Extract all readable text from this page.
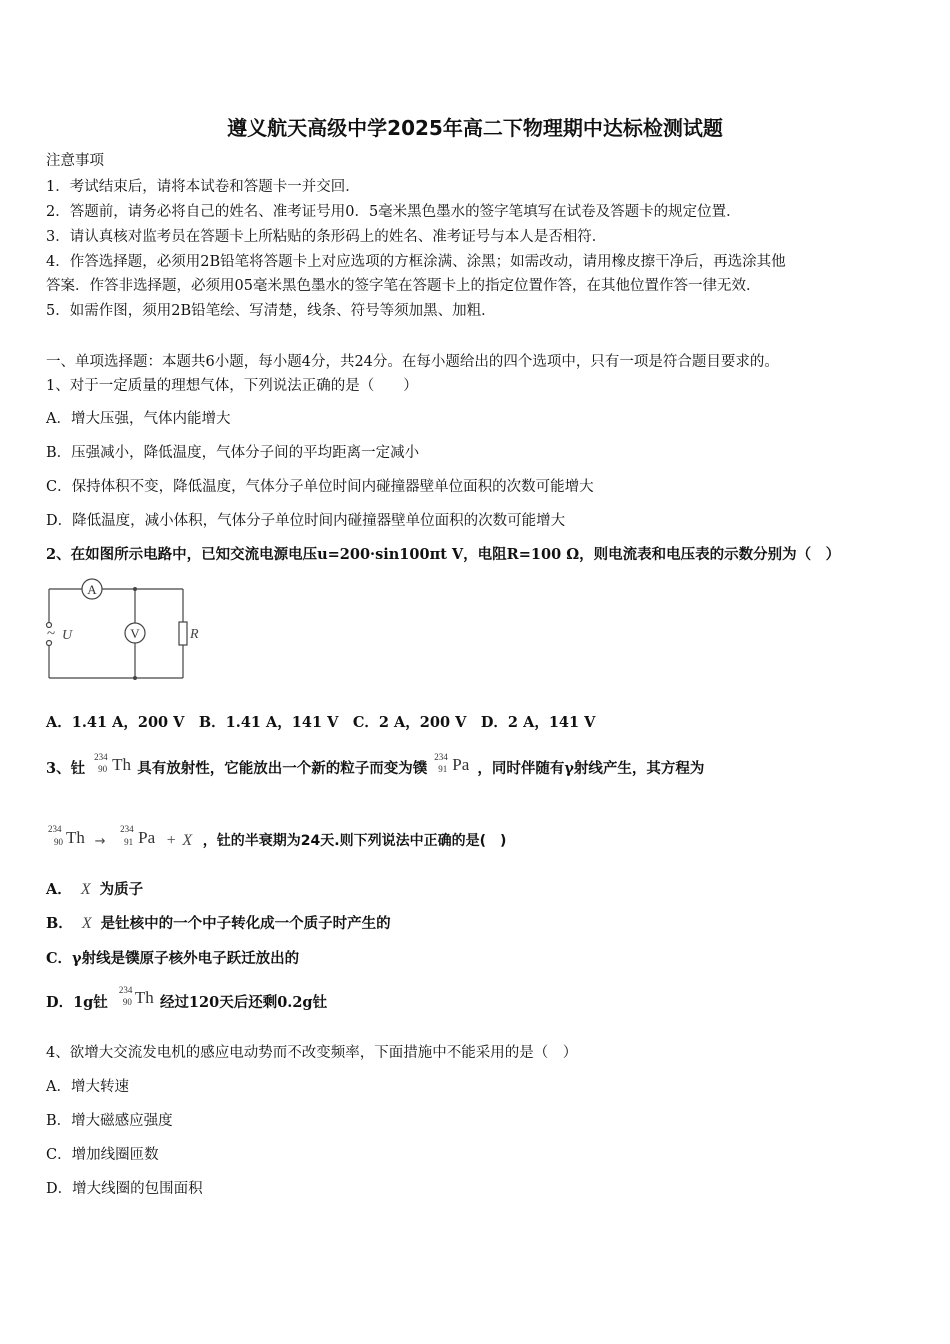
遵义航天高级中学2025年高二下物理期中达标检测试题
注意事项
1．考试结束后，请将本试卷和答题卡一并交回．
2．答题前，请务必将自己的姓名、准考证号用0．5毫米黑色墨水的签字笔填写在试卷及答题卡的规定位置．
3．请认真核对监考员在答题卡上所粘贴的条形码上的姓名、准考证号与本人是否相符．
4．作答选择题，必须用2B铅笔将答题卡上对应选项的方框涂满、涂黑；如需改动，请用橡皮擦干净后，再选涂其他
答案．作答非选择题，必须用05毫米黑色墨水的签字笔在答题卡上的指定位置作答，在其他位置作答一律无效．
5．如需作图，须用2B铅笔绘、写清楚，线条、符号等须加黑、加粗．
一、单项选择题：本题共6小题，每小题4分，共24分。在每小题给出的四个选项中，只有一项是符合题目要求的。
1、对于一定质量的理想气体，下列说法正确的是（　　）
A．增大压强，气体内能增大
B．压强减小，降低温度，气体分子间的平均距离一定减小
C．保持体积不变，降低温度，气体分子单位时间内碰撞器壁单位面积的次数可能增大
D．降低温度，减小体积，气体分子单位时间内碰撞器壁单位面积的次数可能增大
2、在如图所示电路中，已知交流电源电压u=200·sin100πt V，电阻R=100 Ω，则电流表和电压表的示数分别为（　）
A
V
~ U	R
A．1.41 A，200 V　B．1.41 A，141 V　C．2 A，200 V　D．2 A，141 V
3、钍
234
90 Th 具有放射性，它能放出一个新的粒子而变为镤
234
91 Pa ，同时伴随有γ射线产生，其方程为
234
90 Th →
234
91 Pa + X ，钍的半衰期为24天.则下列说法中正确的是(　)
A． X 为质子
B． X 是钍核中的一个中子转化成一个质子时产生的
C．γ射线是镤原子核外电子跃迁放出的
D．1g钍
234
90 Th 经过120天后还剩0.2g钍
4、欲增大交流发电机的感应电动势而不改变频率，下面措施中不能采用的是（　）
A．增大转速
B．增大磁感应强度
C．增加线圈匝数
D．增大线圈的包围面积
